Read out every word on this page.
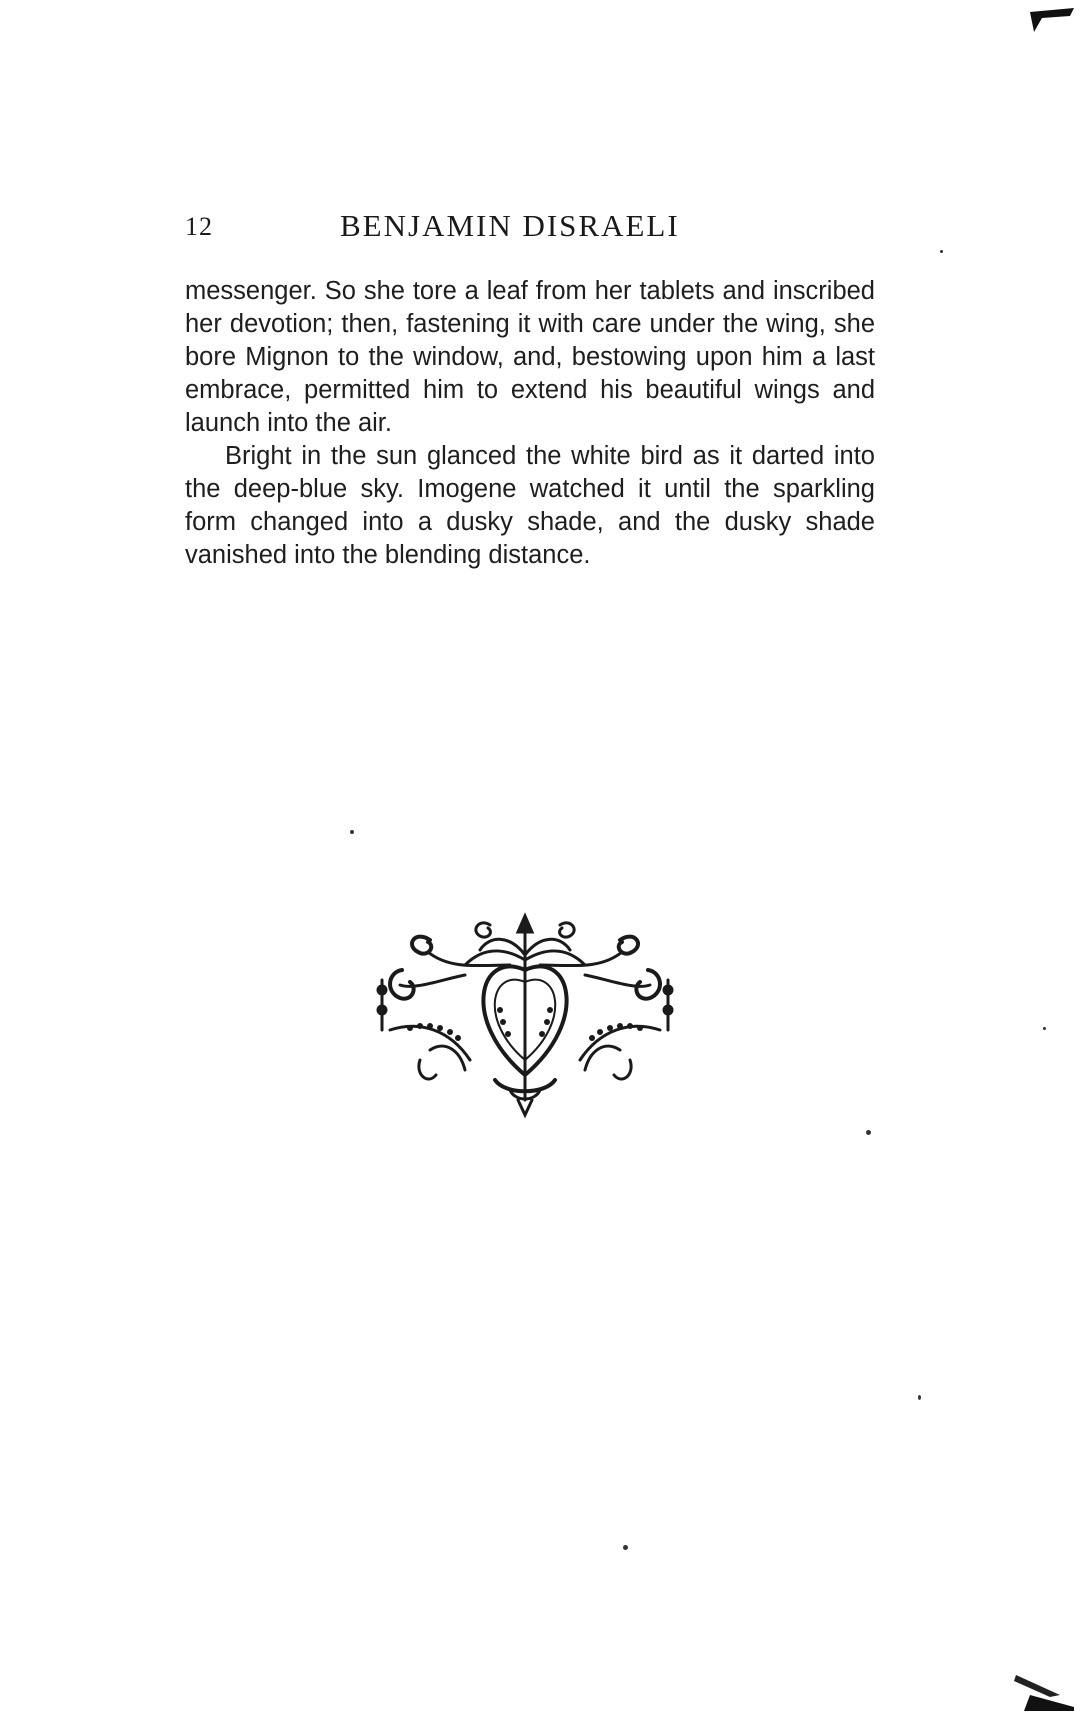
12	BENJAMIN DISRAELI

messenger. So she tore a leaf from her tablets and inscribed her devotion; then, fastening it with care under the wing, she bore Mignon to the window, and, bestowing upon him a last embrace, permitted him to extend his beautiful wings and launch into the air.

Bright in the sun glanced the white bird as it darted into the deep-blue sky. Imogene watched it until the sparkling form changed into a dusky shade, and the dusky shade vanished into the blending distance.
